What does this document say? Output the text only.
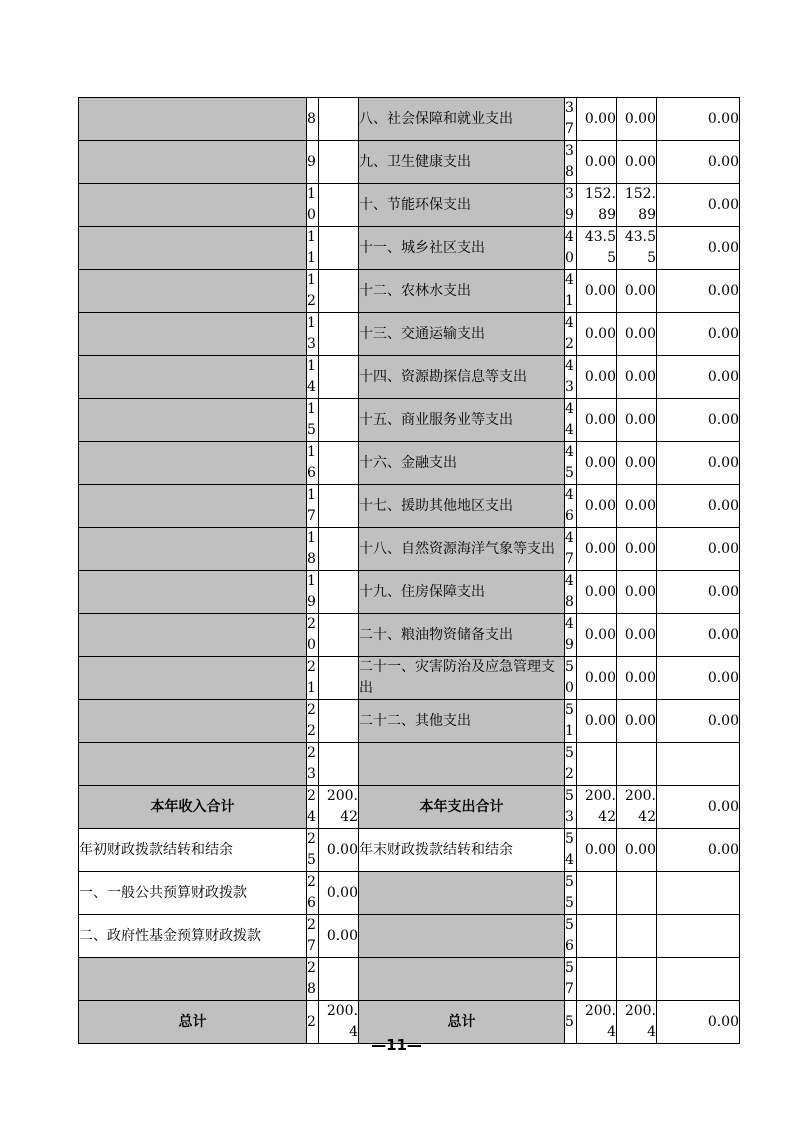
	8		八、社会保障和就业支出	37	0.00	0.00	0.00
	9		九、卫生健康支出	38	0.00	0.00	0.00
	10		十、节能环保支出	39	152.89	152.89	0.00
	11		十一、城乡社区支出	40	43.55	43.55	0.00
	12		十二、农林水支出	41	0.00	0.00	0.00
	13		十三、交通运输支出	42	0.00	0.00	0.00
	14		十四、资源勘探信息等支出	43	0.00	0.00	0.00
	15		十五、商业服务业等支出	44	0.00	0.00	0.00
	16		十六、金融支出	45	0.00	0.00	0.00
	17		十七、援助其他地区支出	46	0.00	0.00	0.00
	18		十八、自然资源海洋气象等支出	47	0.00	0.00	0.00
	19		十九、住房保障支出	48	0.00	0.00	0.00
	20		二十、粮油物资储备支出	49	0.00	0.00	0.00
	21		二十一、灾害防治及应急管理支出	50	0.00	0.00	0.00
	22		二十二、其他支出	51	0.00	0.00	0.00
	23			52			
本年收入合计	24	200.42	本年支出合计	53	200.42	200.42	0.00
年初财政拨款结转和结余	25	0.00	年末财政拨款结转和结余	54	0.00	0.00	0.00
一、一般公共预算财政拨款	26	0.00		55			
二、政府性基金预算财政拨款	27	0.00		56			
	28			57			
总计	2	200.4	总计	5	200.4	200.4	0.00
—11—
